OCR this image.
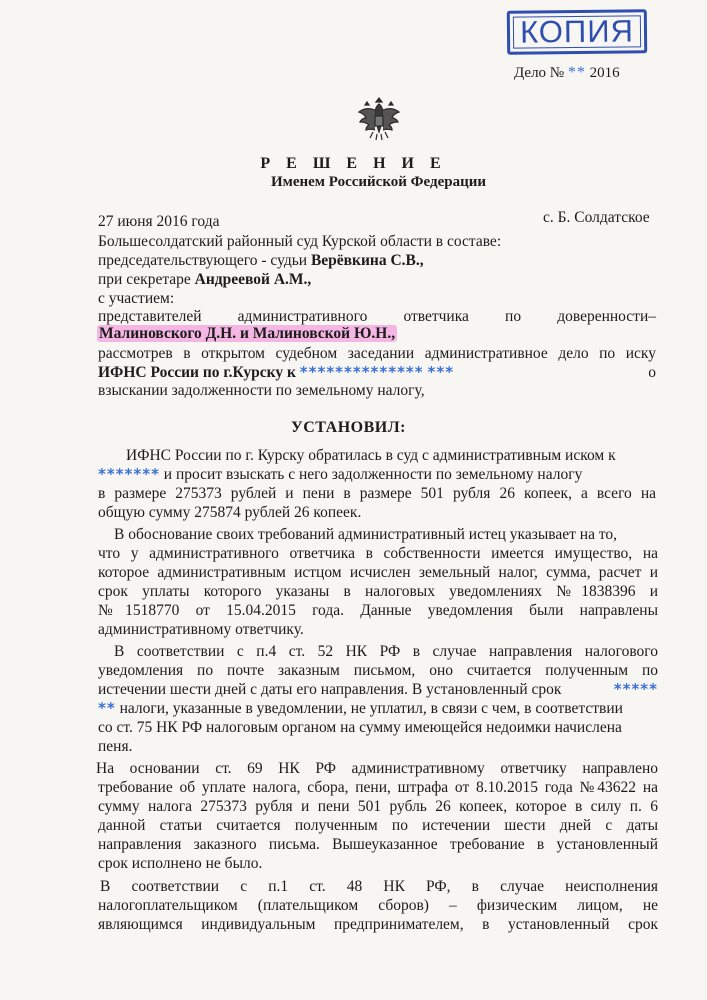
КОПИЯ
Дело № ** 2016
Р Е Ш Е Н И Е
Именем Российской Федерации
27 июня 2016 года	с. Б. Солдатское
Большесолдатский районный суд Курской области в составе:
председательствующего - судьи Верёвкина С.В.,
при секретаре Андреевой А.М.,
с участием:
представителей административного ответчика по доверенности–
Малиновского Д.Н. и Малиновской Ю.Н.,
рассмотрев в открытом судебном заседании административное дело по иску
ИФНС России по г.Курску к ************** ***	о
взыскании задолженности по земельному налогу,
УСТАНОВИЛ:
ИФНС России по г. Курску обратилась в суд с административным иском к
******* и просит взыскать с него задолженности по земельному налогу
в размере 275373 рублей и пени в размере 501 рубля 26 копеек, а всего на
общую сумму 275874 рублей 26 копеек.
В обоснование своих требований административный истец указывает на то,
что у административного ответчика в собственности имеется имущество, на
которое административным истцом исчислен земельный налог, сумма, расчет и
срок уплаты которого указаны в налоговых уведомлениях №1838396 и
№1518770 от 15.04.2015 года. Данные уведомления были направлены
административному ответчику.
В соответствии с п.4 ст. 52 НК РФ в случае направления налогового
уведомления по почте заказным письмом, оно считается полученным по
истечении шести дней с даты его направления. В установленный срок	*****
** налоги, указанные в уведомлении, не уплатил, в связи с чем, в соответствии
со ст. 75 НК РФ налоговым органом на сумму имеющейся недоимки начислена
пеня.
На основании ст. 69 НК РФ административному ответчику направлено
требование об уплате налога, сбора, пени, штрафа от 8.10.2015 года №43622 на
сумму налога 275373 рубля и пени 501 рубль 26 копеек, которое в силу п. 6
данной статьи считается полученным по истечении шести дней с даты
направления заказного письма. Вышеуказанное требование в установленный
срок исполнено не было.
В соответствии с п.1 ст. 48 НК РФ, в случае неисполнения
налогоплательщиком (плательщиком сборов) – физическим лицом, не
являющимся индивидуальным предпринимателем, в установленный срок
